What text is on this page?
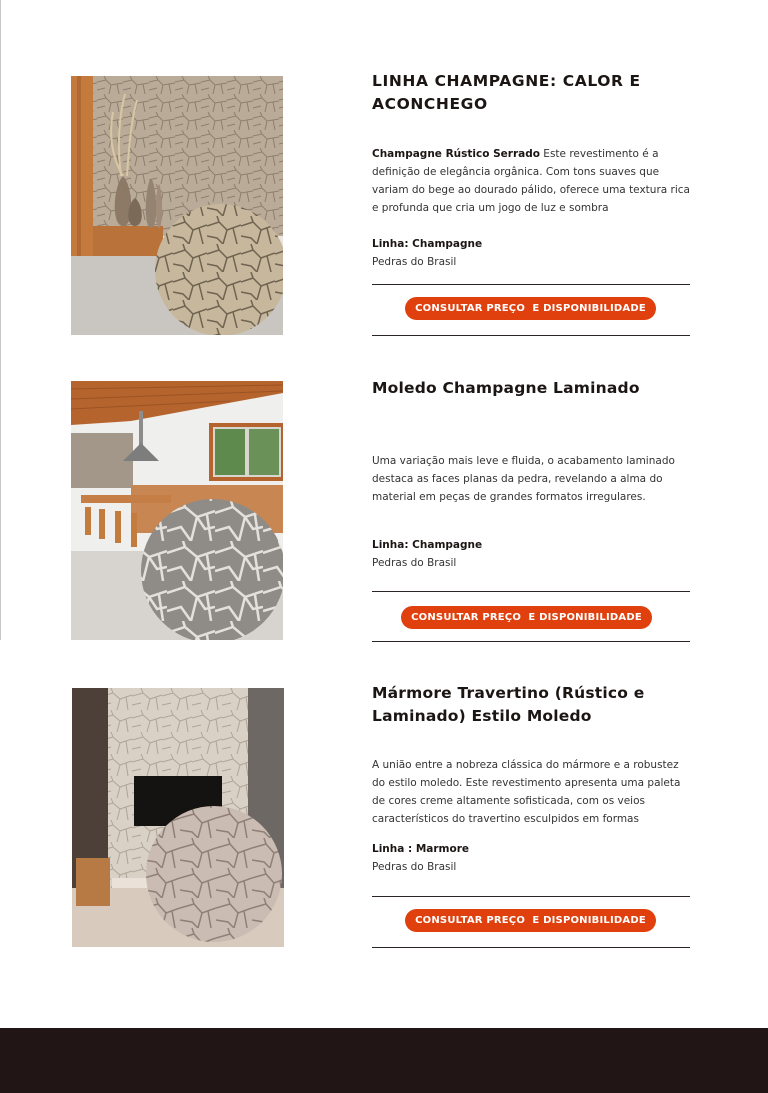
LINHA CHAMPAGNE: CALOR E ACONCHEGO

Champagne Rústico Serrado Este revestimento é a definição de elegância orgânica. Com tons suaves que variam do bege ao dourado pálido, oferece uma textura rica e profunda que cria um jogo de luz e sombra

Linha: Champagne
Pedras do Brasil
CONSULTAR PREÇO  E DISPONIBILIDADE
Moledo Champagne Laminado

Uma variação mais leve e fluida, o acabamento laminado destaca as faces planas da pedra, revelando a alma do material em peças de grandes formatos irregulares.

Linha: Champagne
Pedras do Brasil
CONSULTAR PREÇO  E DISPONIBILIDADE
Mármore Travertino (Rústico e Laminado) Estilo Moledo

A união entre a nobreza clássica do mármore e a robustez do estilo moledo. Este revestimento apresenta uma paleta de cores creme altamente sofisticada, com os veios característicos do travertino esculpidos em formas

Linha : Marmore
Pedras do Brasil
CONSULTAR PREÇO  E DISPONIBILIDADE
